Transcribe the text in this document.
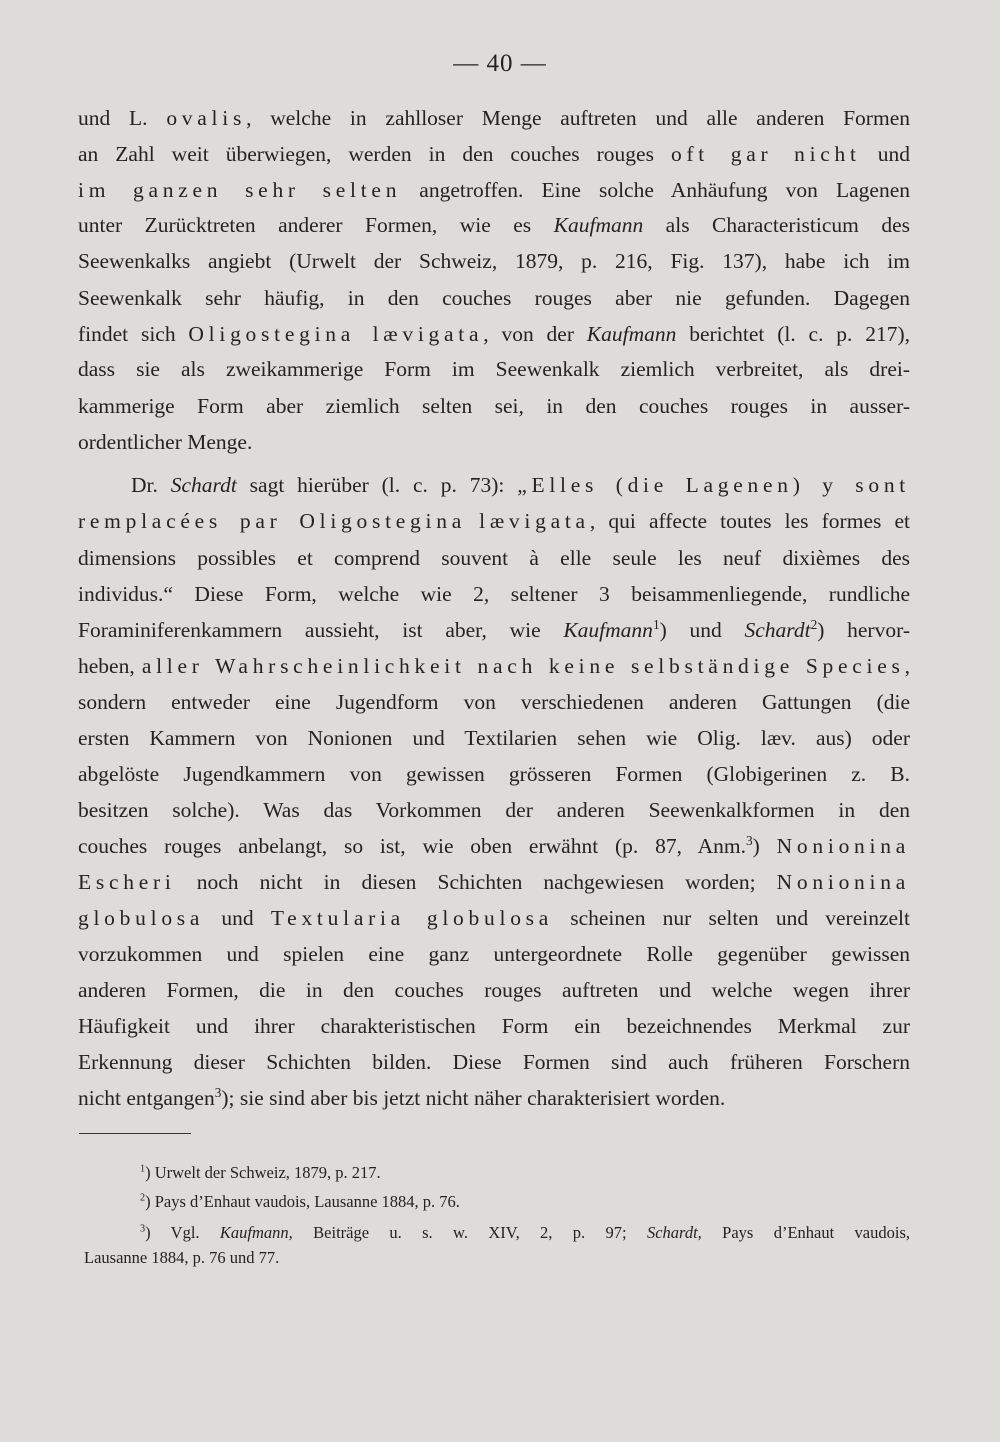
— 40 —
und L. ovalis, welche in zahlloser Menge auftreten und alle anderen Formen
an Zahl weit überwiegen, werden in den couches rouges oft gar nicht und
im ganzen sehr selten angetroffen. Eine solche Anhäufung von Lagenen
unter Zurücktreten anderer Formen, wie es Kaufmann als Characteristicum des
Seewenkalks angiebt (Urwelt der Schweiz, 1879, p. 216, Fig. 137), habe ich im
Seewenkalk sehr häufig, in den couches rouges aber nie gefunden. Dagegen
findet sich Oligostegina lævigata, von der Kaufmann berichtet (l. c. p. 217),
dass sie als zweikammerige Form im Seewenkalk ziemlich verbreitet, als drei-
kammerige Form aber ziemlich selten sei, in den couches rouges in ausser-
ordentlicher Menge.
Dr. Schardt sagt hierüber (l. c. p. 73): „Elles (die Lagenen) y sont
remplacées par Oligostegina lævigata, qui affecte toutes les formes et
dimensions possibles et comprend souvent à elle seule les neuf dixièmes des
individus.“ Diese Form, welche wie 2, seltener 3 beisammenliegende, rundliche
Foraminiferenkammern aussieht, ist aber, wie Kaufmann$^1$) und Schardt$^2$) hervor-
heben, aller Wahrscheinlichkeit nach keine selbständige Species,
sondern entweder eine Jugendform von verschiedenen anderen Gattungen (die
ersten Kammern von Nonionen und Textilarien sehen wie Olig. læv. aus) oder
abgelöste Jugendkammern von gewissen grösseren Formen (Globigerinen z. B.
besitzen solche). Was das Vorkommen der anderen Seewenkalkformen in den
couches rouges anbelangt, so ist, wie oben erwähnt (p. 87, Anm.$^3$) Nonionina
Escheri noch nicht in diesen Schichten nachgewiesen worden; Nonionina
globulosa und Textularia globulosa scheinen nur selten und vereinzelt
vorzukommen und spielen eine ganz untergeordnete Rolle gegenüber gewissen
anderen Formen, die in den couches rouges auftreten und welche wegen ihrer
Häufigkeit und ihrer charakteristischen Form ein bezeichnendes Merkmal zur
Erkennung dieser Schichten bilden. Diese Formen sind auch früheren Forschern
nicht entgangen$^3$); sie sind aber bis jetzt nicht näher charakterisiert worden.
$^1$) Urwelt der Schweiz, 1879, p. 217.
$^2$) Pays d’Enhaut vaudois, Lausanne 1884, p. 76.
$^3$) Vgl. Kaufmann, Beiträge u. s. w. XIV, 2, p. 97; Schardt, Pays d’Enhaut vaudois,
Lausanne 1884, p. 76 und 77.
